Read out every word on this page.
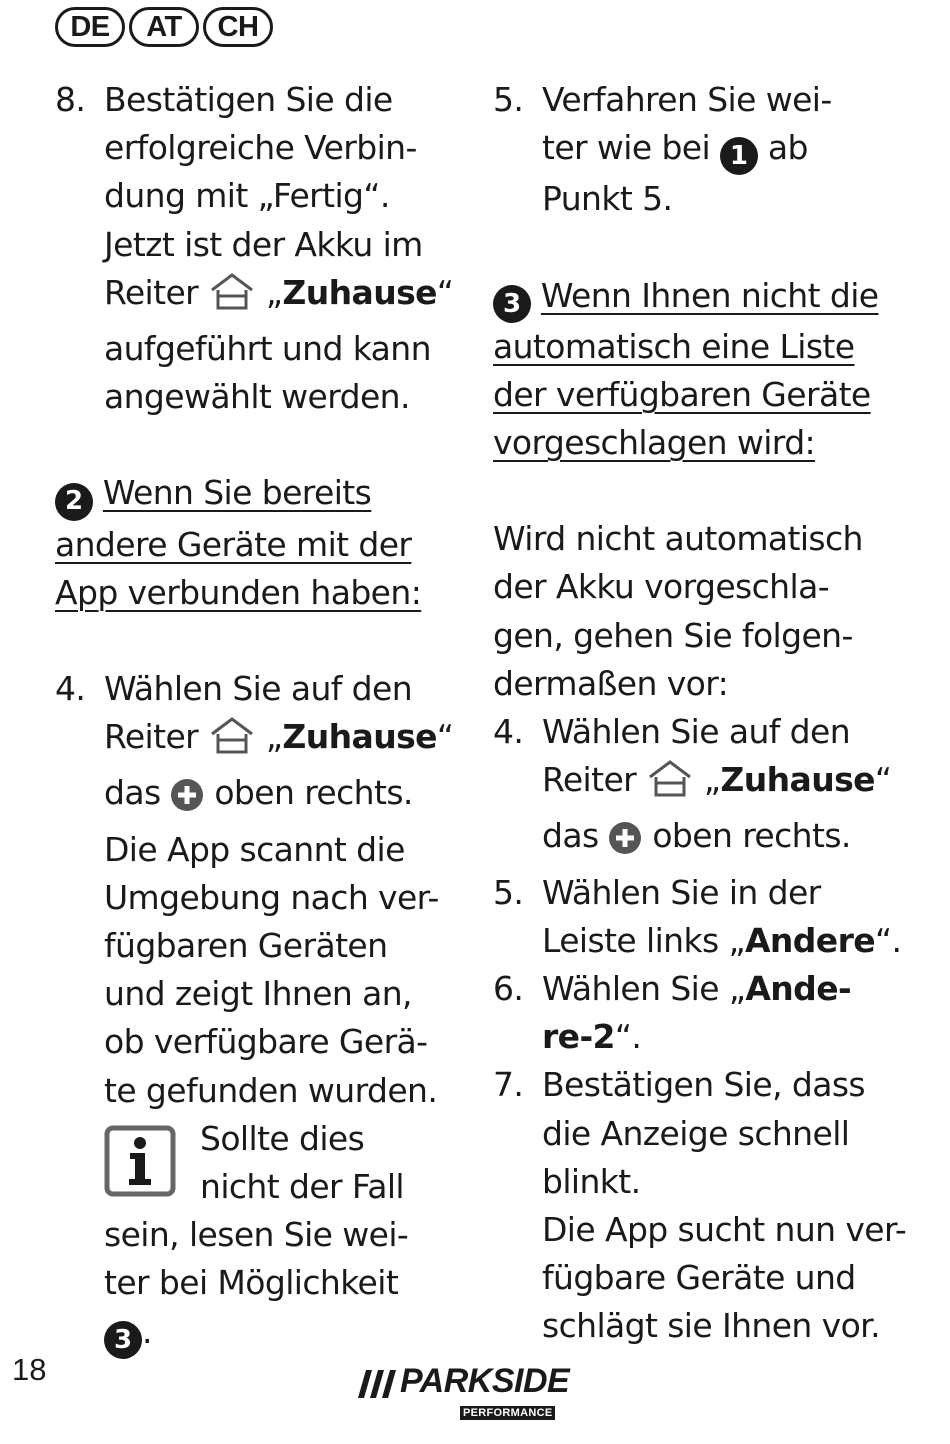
DE	AT	CH
8. Bestätigen Sie die
erfolgreiche Verbin-
dung mit „Fertig“.
Jetzt ist der Akku im
Reiter „Zuhause“
aufgeführt und kann
angewählt werden.
2 Wenn Sie bereits
andere Geräte mit der
App verbunden haben:
4. Wählen Sie auf den
Reiter „Zuhause“
das oben rechts.
Die App scannt die
Umgebung nach ver-
fügbaren Geräten
und zeigt Ihnen an,
ob verfügbare Gerä-
te gefunden wurden.
Sollte dies
nicht der Fall
sein, lesen Sie wei-
ter bei Möglichkeit
3 .
5. Verfahren Sie wei-
ter wie bei 1 ab
Punkt 5.
3 Wenn Ihnen nicht die
automatisch eine Liste
der verfügbaren Geräte
vorgeschlagen wird:
Wird nicht automatisch
der Akku vorgeschla-
gen, gehen Sie folgen-
dermaßen vor:
4. Wählen Sie auf den
Reiter „Zuhause“
das oben rechts.
5. Wählen Sie in der
Leiste links „Andere“.
6. Wählen Sie „Ande-
re-2“.
7. Bestätigen Sie, dass
die Anzeige schnell
blinkt.
Die App sucht nun ver-
fügbare Geräte und
schlägt sie Ihnen vor.
18	PARKSIDE
PERFORMANCE
